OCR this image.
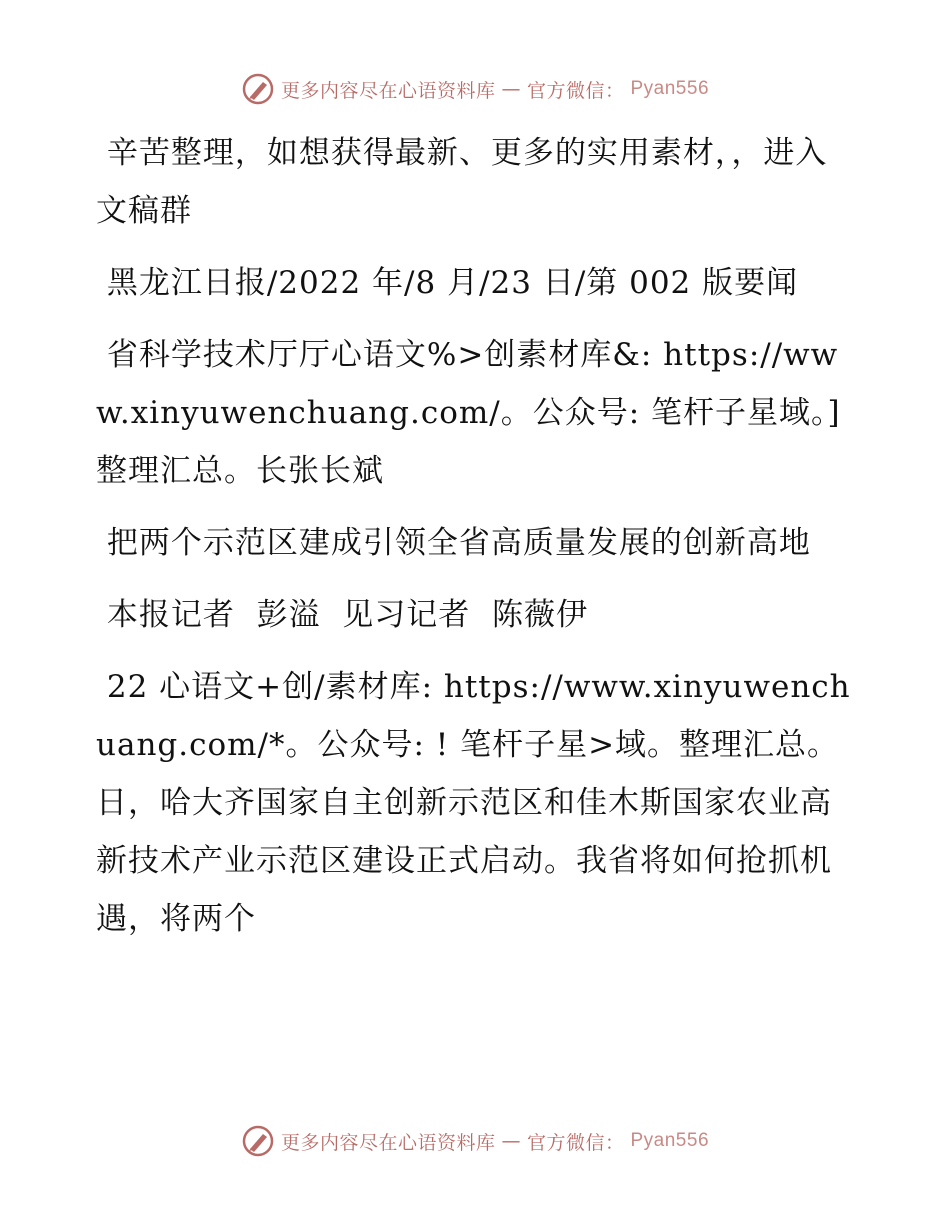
更多内容尽在心语资料库 — 官方微信： Pyan556

辛苦整理，如想获得最新、更多的实用素材，，进入文稿群

黑龙江日报/2022 年/8 月/23 日/第 002 版要闻

省科学技术厅厅心语文%>创素材库&: https://www.xinyuwenchuang.com/。公众号: 笔杆子星域。]整理汇总。长张长斌

把两个示范区建成引领全省高质量发展的创新高地

本报记者  彭溢  见习记者  陈薇伊

22 心语文+创/素材库: https://www.xinyuwenchuang.com/*。公众号: ! 笔杆子星>域。整理汇总。日，哈大齐国家自主创新示范区和佳木斯国家农业高新技术产业示范区建设正式启动。我省将如何抢抓机遇，将两个

更多内容尽在心语资料库 — 官方微信： Pyan556
